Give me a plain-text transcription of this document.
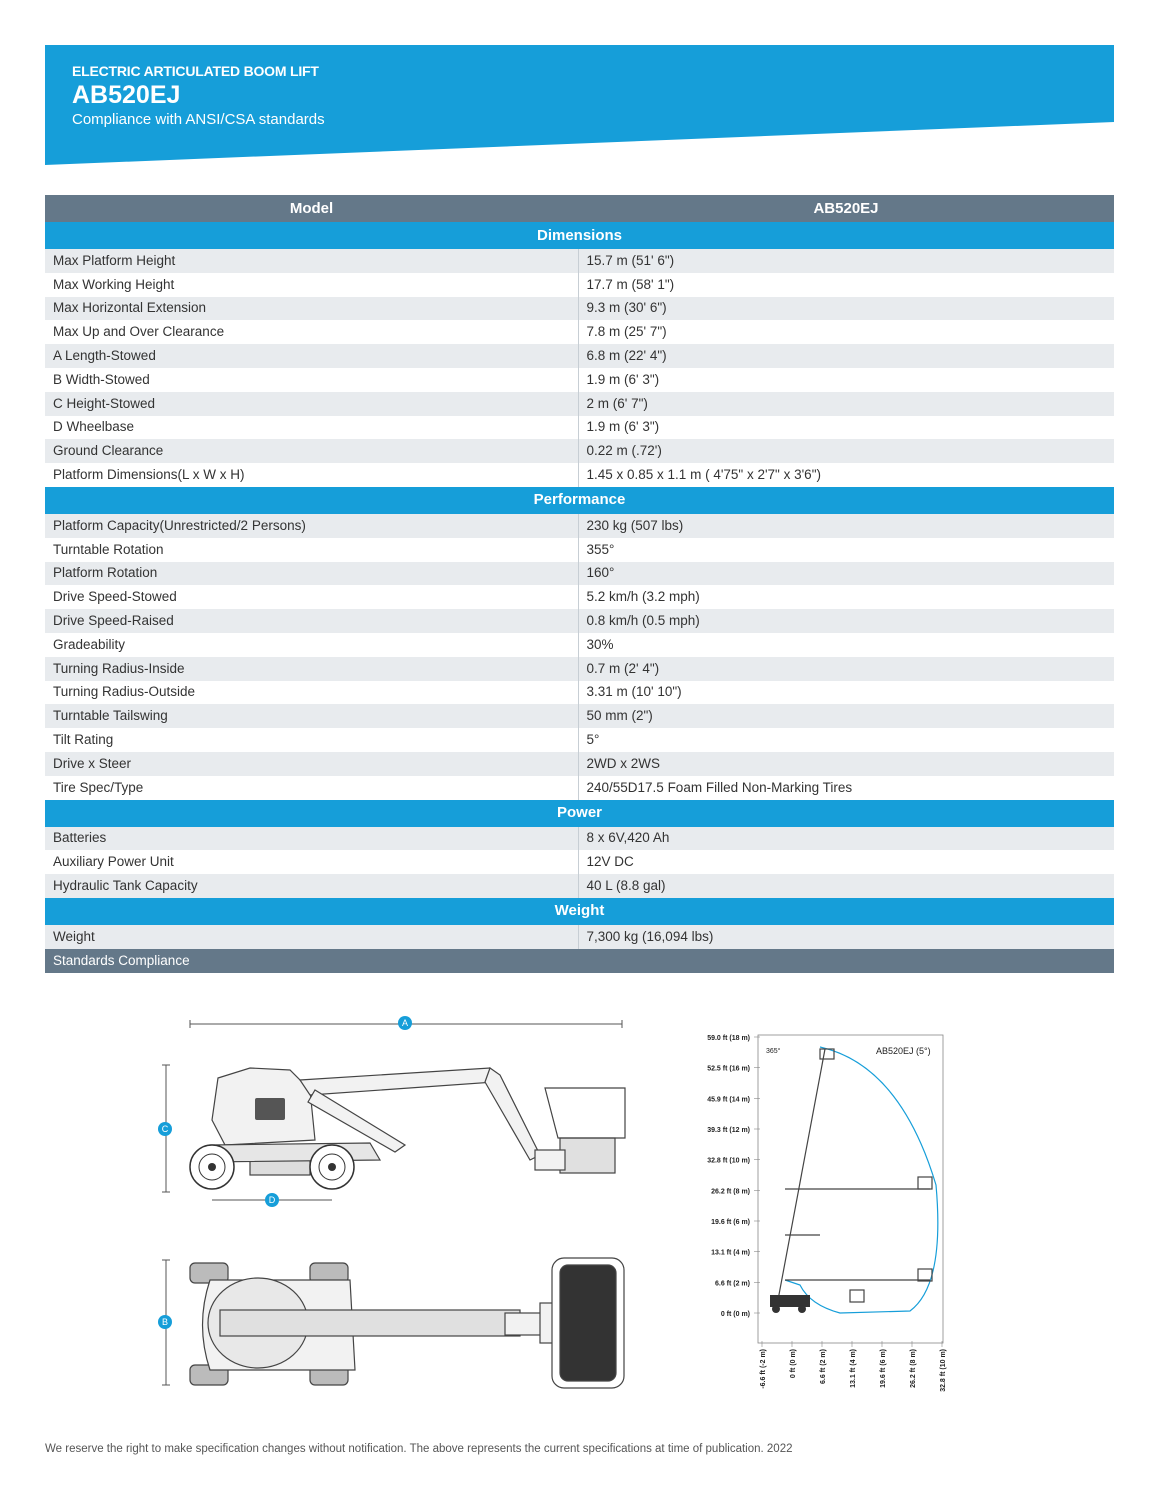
ELECTRIC ARTICULATED BOOM LIFT
AB520EJ
Compliance with ANSI/CSA standards
Model	AB520EJ
Dimensions	
Max Platform Height	15.7 m (51' 6")
Max Working Height	17.7 m (58' 1")
Max Horizontal Extension	9.3 m (30' 6")
Max Up and Over Clearance	7.8 m (25' 7")
A Length-Stowed	6.8 m (22' 4")
B Width-Stowed	1.9 m (6' 3")
C Height-Stowed	2 m (6' 7")
D Wheelbase	1.9 m (6' 3")
Ground Clearance	0.22 m (.72')
Platform Dimensions(L x W x H)	1.45 x 0.85 x 1.1 m ( 4'75" x 2'7" x 3'6")
Performance	
Platform Capacity(Unrestricted/2 Persons)	230 kg (507 lbs)
Turntable Rotation	355°
Platform Rotation	160°
Drive Speed-Stowed	5.2 km/h (3.2 mph)
Drive Speed-Raised	0.8 km/h (0.5 mph)
Gradeability	30%
Turning Radius-Inside	0.7 m (2' 4")
Turning Radius-Outside	3.31 m (10' 10")
Turntable Tailswing	50 mm (2")
Tilt Rating	5°
Drive x Steer	2WD x 2WS
Tire Spec/Type	240/55D17.5 Foam Filled Non-Marking Tires
Power	
Batteries	8 x 6V,420 Ah
Auxiliary Power Unit	12V DC
Hydraulic Tank Capacity	40 L (8.8 gal)
Weight	
Weight	7,300 kg (16,094 lbs)
Standards Compliance	
A
C
D
B
59.0 ft (18 m)
52.5 ft (16 m)
45.9 ft (14 m)
39.3 ft (12 m)
32.8 ft (10 m)
26.2 ft (8 m)
19.6 ft (6 m)
13.1 ft (4 m)
6.6 ft (2 m)
0 ft (0 m)
-6.6 ft (-2 m)	0 ft (0 m)	6.6 ft (2 m)	13.1 ft (4 m)	19.6 ft (6 m)	26.2 ft (8 m)	32.8 ft (10 m)
AB520EJ (5°)
365°
We reserve the right to make specification changes without notification. The above represents the current specifications at time of publication. 2022
